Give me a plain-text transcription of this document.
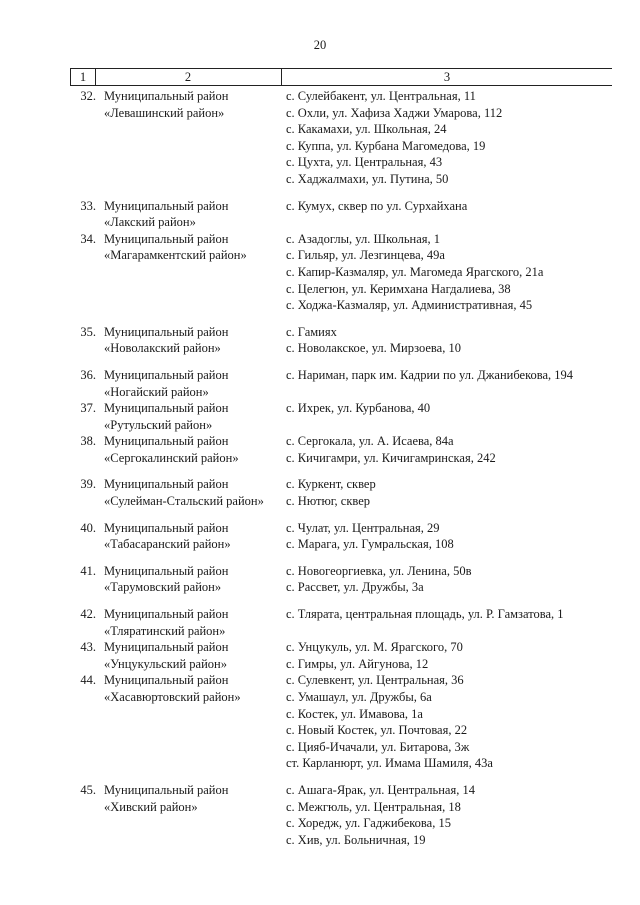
20
1	2	3
32. Муниципальный район
«Левашинский район»
с. Сулейбакент, ул. Центральная, 11
с. Охли, ул. Хафиза Хаджи Умарова, 112
с. Какамахи, ул. Школьная, 24
с. Куппа, ул. Курбана Магомедова, 19
с. Цухта, ул. Центральная, 43
с. Хаджалмахи, ул. Путина, 50
33. Муниципальный район
«Лакский район»
с. Кумух, сквер по ул. Сурхайхана

34. Муниципальный район
«Магарамкентский район»
с. Азадоглы, ул. Школьная, 1
с. Гильяр, ул. Лезгинцева, 49а
с. Капир-Казмаляр, ул. Магомеда Ярагского, 21а
с. Целегюн, ул. Керимхана Нагдалиева, 38
с. Ходжа-Казмаляр, ул. Административная, 45
35. Муниципальный район
«Новолакский район»
с. Гамиях
с. Новолакское, ул. Мирзоева, 10
36. Муниципальный район
«Ногайский район»
с. Нариман, парк им. Кадрии по ул. Джанибекова, 194

37. Муниципальный район
«Рутульский район»
с. Ихрек, ул. Курбанова, 40

38. Муниципальный район
«Сергокалинский район»
с. Сергокала, ул. А. Исаева, 84а
с. Кичигамри, ул. Кичигамринская, 242
39. Муниципальный район
«Сулейман-Стальский район»
с. Куркент, сквер
с. Нютюг, сквер
40. Муниципальный район
«Табасаранский район»
с. Чулат, ул. Центральная, 29
с. Марага, ул. Гумральская, 108
41. Муниципальный район
«Тарумовский район»
с. Новогеоргиевка, ул. Ленина, 50в
с. Рассвет, ул. Дружбы, 3а
42. Муниципальный район
«Тляратинский район»
с. Тлярата, центральная площадь, ул. Р. Гамзатова, 1

43. Муниципальный район
«Унцукульский район»
с. Унцукуль, ул. М. Ярагского, 70
с. Гимры, ул. Айгунова, 12
44. Муниципальный район
«Хасавюртовский район»
с. Сулевкент, ул. Центральная, 36
с. Умашаул, ул. Дружбы, 6а
с. Костек, ул. Имавова, 1а
с. Новый Костек, ул. Почтовая, 22
с. Цияб-Ичачали, ул. Битарова, 3ж
ст. Карланюрт, ул. Имама Шамиля, 43а
45. Муниципальный район
«Хивский район»
с. Ашага-Ярак, ул. Центральная, 14
с. Межгюль, ул. Центральная, 18
с. Хоредж, ул. Гаджибекова, 15
с. Хив, ул. Больничная, 19
